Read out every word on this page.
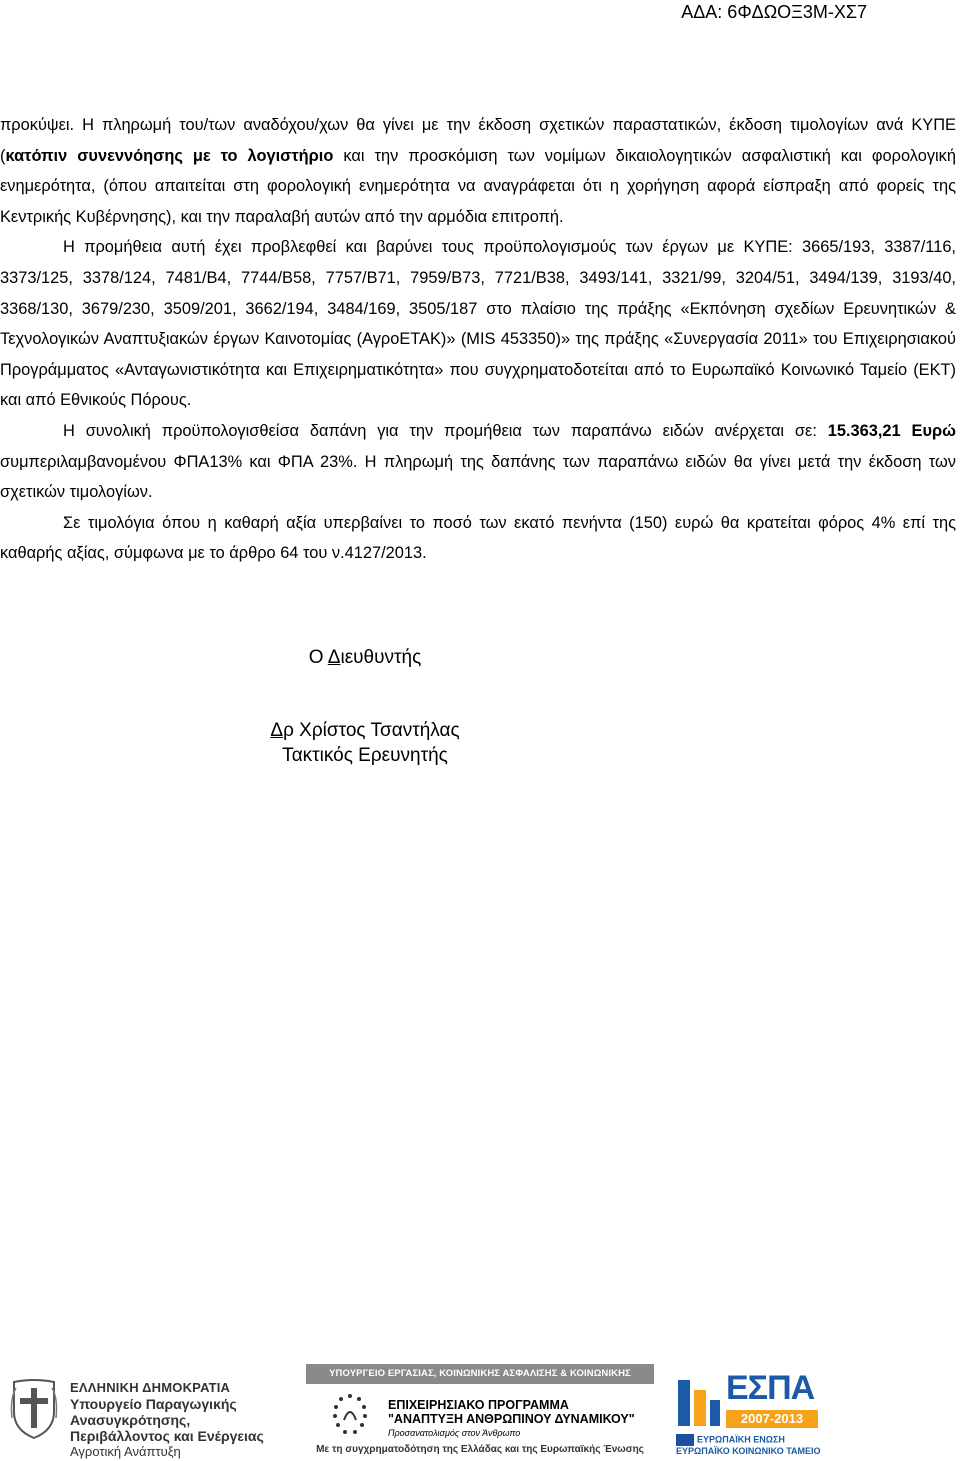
ΑΔΑ: 6ΦΔΩΟΞ3Μ-ΧΣ7

προκύψει. Η πληρωμή του/των αναδόχου/χων θα γίνει με την έκδοση σχετικών παραστατικών, έκδοση τιμολογίων ανά ΚΥΠΕ (κατόπιν συνεννόησης με το λογιστήριο και την προσκόμιση των νομίμων δικαιολογητικών ασφαλιστική και φορολογική ενημερότητα, (όπου απαιτείται στη φορολογική ενημερότητα να αναγράφεται ότι η χορήγηση αφορά είσπραξη από φορείς της Κεντρικής Κυβέρνησης), και την παραλαβή αυτών από την αρμόδια επιτροπή.

Η προμήθεια αυτή έχει προβλεφθεί και βαρύνει τους προϋπολογισμούς των έργων με ΚΥΠΕ: 3665/193, 3387/116, 3373/125, 3378/124, 7481/Β4, 7744/Β58, 7757/Β71, 7959/Β73, 7721/Β38, 3493/141, 3321/99, 3204/51, 3494/139, 3193/40, 3368/130, 3679/230, 3509/201, 3662/194, 3484/169, 3505/187 στο πλαίσιο της πράξης «Εκπόνηση σχεδίων Ερευνητικών & Τεχνολογικών Αναπτυξιακών έργων Καινοτομίας (ΑγροΕΤΑΚ)» (MIS 453350)» της πράξης «Συνεργασία 2011» του Επιχειρησιακού Προγράμματος «Ανταγωνιστικότητα και Επιχειρηματικότητα» που συγχρηματοδοτείται από το Ευρωπαϊκό Κοινωνικό Ταμείο (ΕΚΤ) και από Εθνικούς Πόρους.

Η συνολική προϋπολογισθείσα δαπάνη για την προμήθεια των παραπάνω ειδών ανέρχεται σε: 15.363,21 Ευρώ συμπεριλαμβανομένου ΦΠΑ13% και ΦΠΑ 23%. Η πληρωμή της δαπάνης των παραπάνω ειδών θα γίνει μετά την έκδοση των σχετικών τιμολογίων.

Σε τιμολόγια όπου η καθαρή αξία υπερβαίνει το ποσό των εκατό πενήντα (150) ευρώ θα κρατείται φόρος 4% επί της καθαρής αξίας, σύμφωνα με το άρθρο 64 του ν.4127/2013.

Ο Διευθυντής
Δρ Χρίστος Τσαντήλας
Τακτικός Ερευνητής
ΕΛΛΗΝΙΚΗ ΔΗΜΟΚΡΑΤΙΑ
Υπουργείο Παραγωγικής Ανασυγκρότησης,
Περιβάλλοντος και Ενέργειας
Αγροτική Ανάπτυξη
ΥΠΟΥΡΓΕΙΟ ΕΡΓΑΣΙΑΣ, ΚΟΙΝΩΝΙΚΗΣ ΑΣΦΑΛΙΣΗΣ & ΚΟΙΝΩΝΙΚΗΣ ΑΛΛΗΛΕΓΓΥΗΣ
ΕΠΙΧΕΙΡΗΣΙΑΚΟ ΠΡΟΓΡΑΜΜΑ
"ΑΝΑΠΤΥΞΗ ΑΝΘΡΩΠΙΝΟΥ ΔΥΝΑΜΙΚΟΥ"
Προσανατολισμός στον Άνθρωπο
Με τη συγχρηματοδότηση της Ελλάδας και της Ευρωπαϊκής Ένωσης
ΕΣΠΑ
2007-2013
ΕΥΡΩΠΑΪΚΗ ΕΝΩΣΗ
ΕΥΡΩΠΑΪΚΟ ΚΟΙΝΩΝΙΚΟ ΤΑΜΕΙΟ
